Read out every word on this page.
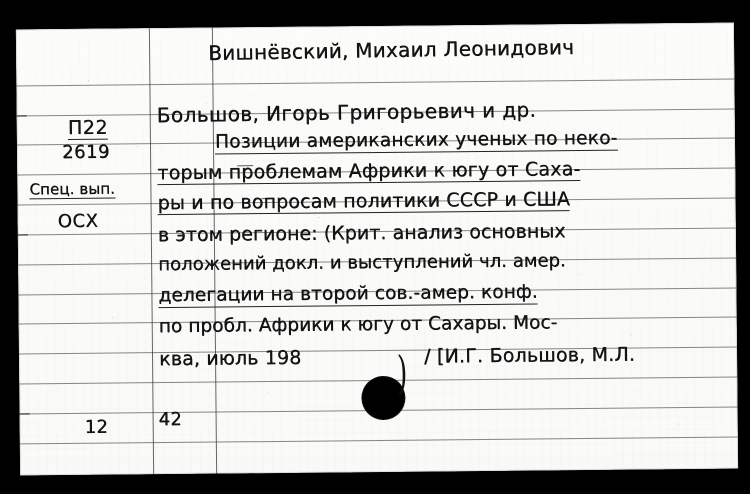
Вишнёвский, Михаил Леонидович
П22
2619
Спец. вып.
ОСХ
12
Большов, Игорь Григорьевич и др.
Позиции американских ученых по неко-
торым проблемам Африки к югу от Саха-
ры и по вопросам политики СССР и США
в этом регионе: (Крит. анализ основных
положений докл. и выступлений чл. амер.
делегации на второй сов.-амер. конф.
по пробл. Африки к югу от Сахары. Мос-
ква, июль 198 ) / [И.Г. Большов, М.Л.
42
